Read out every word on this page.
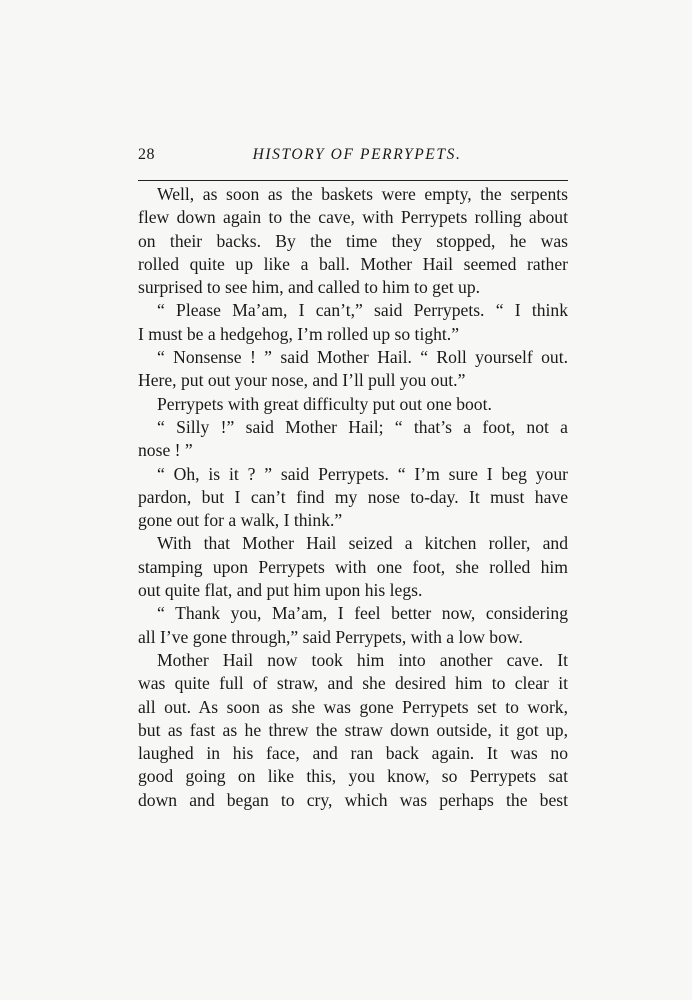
28	HISTORY OF PERRYPETS.
Well, as soon as the baskets were empty, the serpents
flew down again to the cave, with Perrypets rolling about
on their backs. By the time they stopped, he was
rolled quite up like a ball. Mother Hail seemed rather
surprised to see him, and called to him to get up.
“ Please Ma’am, I can’t,” said Perrypets. “ I think
I must be a hedgehog, I’m rolled up so tight.”
“ Nonsense ! ” said Mother Hail. “ Roll yourself out.
Here, put out your nose, and I’ll pull you out.”
Perrypets with great difficulty put out one boot.
“ Silly !” said Mother Hail; “ that’s a foot, not a
nose ! ”
“ Oh, is it ? ” said Perrypets. “ I’m sure I beg your
pardon, but I can’t find my nose to-day. It must have
gone out for a walk, I think.”
With that Mother Hail seized a kitchen roller, and
stamping upon Perrypets with one foot, she rolled him
out quite flat, and put him upon his legs.
“ Thank you, Ma’am, I feel better now, considering
all I’ve gone through,” said Perrypets, with a low bow.
Mother Hail now took him into another cave. It
was quite full of straw, and she desired him to clear it
all out. As soon as she was gone Perrypets set to work,
but as fast as he threw the straw down outside, it got up,
laughed in his face, and ran back again. It was no
good going on like this, you know, so Perrypets sat
down and began to cry, which was perhaps the best
